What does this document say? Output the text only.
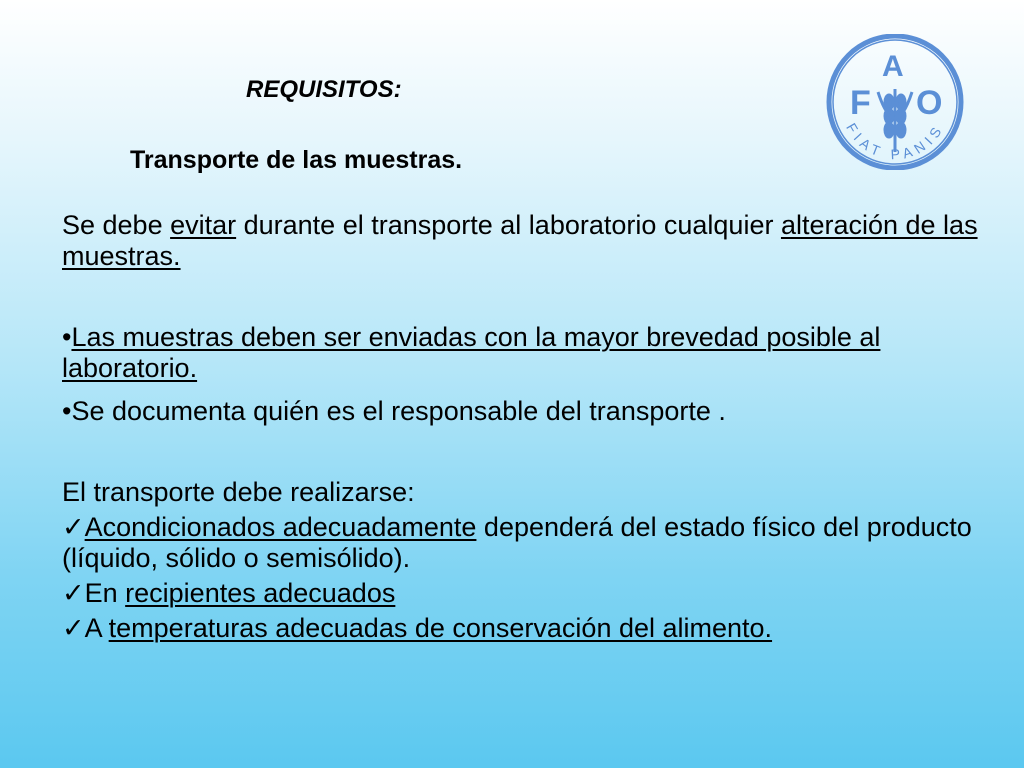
REQUISITOS:
Transporte de las muestras.
F
A
O
FIAT PANIS

Se debe evitar durante el transporte al laboratorio cualquier alteración de las muestras.

•Las muestras deben ser enviadas con la mayor brevedad posible al laboratorio.

•Se documenta quién es el responsable del transporte .

El transporte debe realizarse:

✓Acondicionados adecuadamente dependerá del estado físico del producto (líquido, sólido o semisólido).

✓En recipientes adecuados

✓A temperaturas adecuadas de conservación del alimento.
